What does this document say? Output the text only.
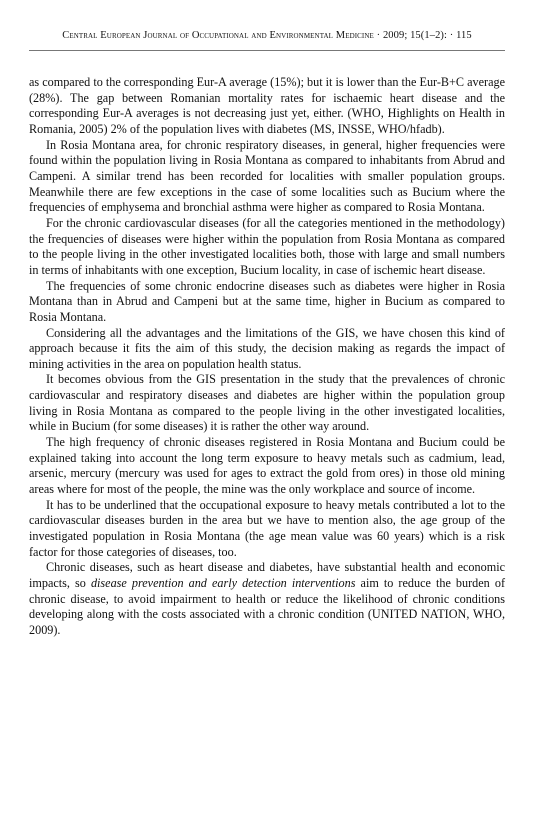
Central European Journal of Occupational and Environmental Medicine · 2009; 15(1–2): · 115

as compared to the corresponding Eur-A average (15%); but it is lower than the Eur-B+C average (28%). The gap between Romanian mortality rates for ischaemic heart disease and the corresponding Eur-A averages is not decreasing just yet, either. (WHO, Highlights on Health in Romania, 2005) 2% of the population lives with diabetes (MS, INSSE, WHO/hfadb).

In Rosia Montana area, for chronic respiratory diseases, in general, higher frequencies were found within the population living in Rosia Montana as compared to inhabitants from Abrud and Campeni. A similar trend has been recorded for localities with smaller population groups. Meanwhile there are few exceptions in the case of some localities such as Bucium where the frequencies of emphysema and bronchial asthma were higher as compared to Rosia Montana.

For the chronic cardiovascular diseases (for all the categories mentioned in the methodology) the frequencies of diseases were higher within the population from Rosia Montana as compared to the people living in the other investigated localities both, those with large and small numbers in terms of inhabitants with one exception, Bucium locality, in case of ischemic heart disease.

The frequencies of some chronic endocrine diseases such as diabetes were higher in Rosia Montana than in Abrud and Campeni but at the same time, higher in Bucium as compared to Rosia Montana.

Considering all the advantages and the limitations of the GIS, we have chosen this kind of approach because it fits the aim of this study, the decision making as regards the impact of mining activities in the area on population health status.

It becomes obvious from the GIS presentation in the study that the prevalences of chronic cardiovascular and respiratory diseases and diabetes are higher within the population group living in Rosia Montana as compared to the people living in the other investigated localities, while in Bucium (for some diseases) it is rather the other way around.

The high frequency of chronic diseases registered in Rosia Montana and Bucium could be explained taking into account the long term exposure to heavy metals such as cadmium, lead, arsenic, mercury (mercury was used for ages to extract the gold from ores) in those old mining areas where for most of the people, the mine was the only workplace and source of income.

It has to be underlined that the occupational exposure to heavy metals contributed a lot to the cardiovascular diseases burden in the area but we have to mention also, the age group of the investigated population in Rosia Montana (the age mean value was 60 years) which is a risk factor for those categories of diseases, too.

Chronic diseases, such as heart disease and diabetes, have substantial health and economic impacts, so disease prevention and early detection interventions aim to reduce the burden of chronic disease, to avoid impairment to health or reduce the likelihood of chronic conditions developing along with the costs associated with a chronic condition (UNITED NATION, WHO, 2009).
